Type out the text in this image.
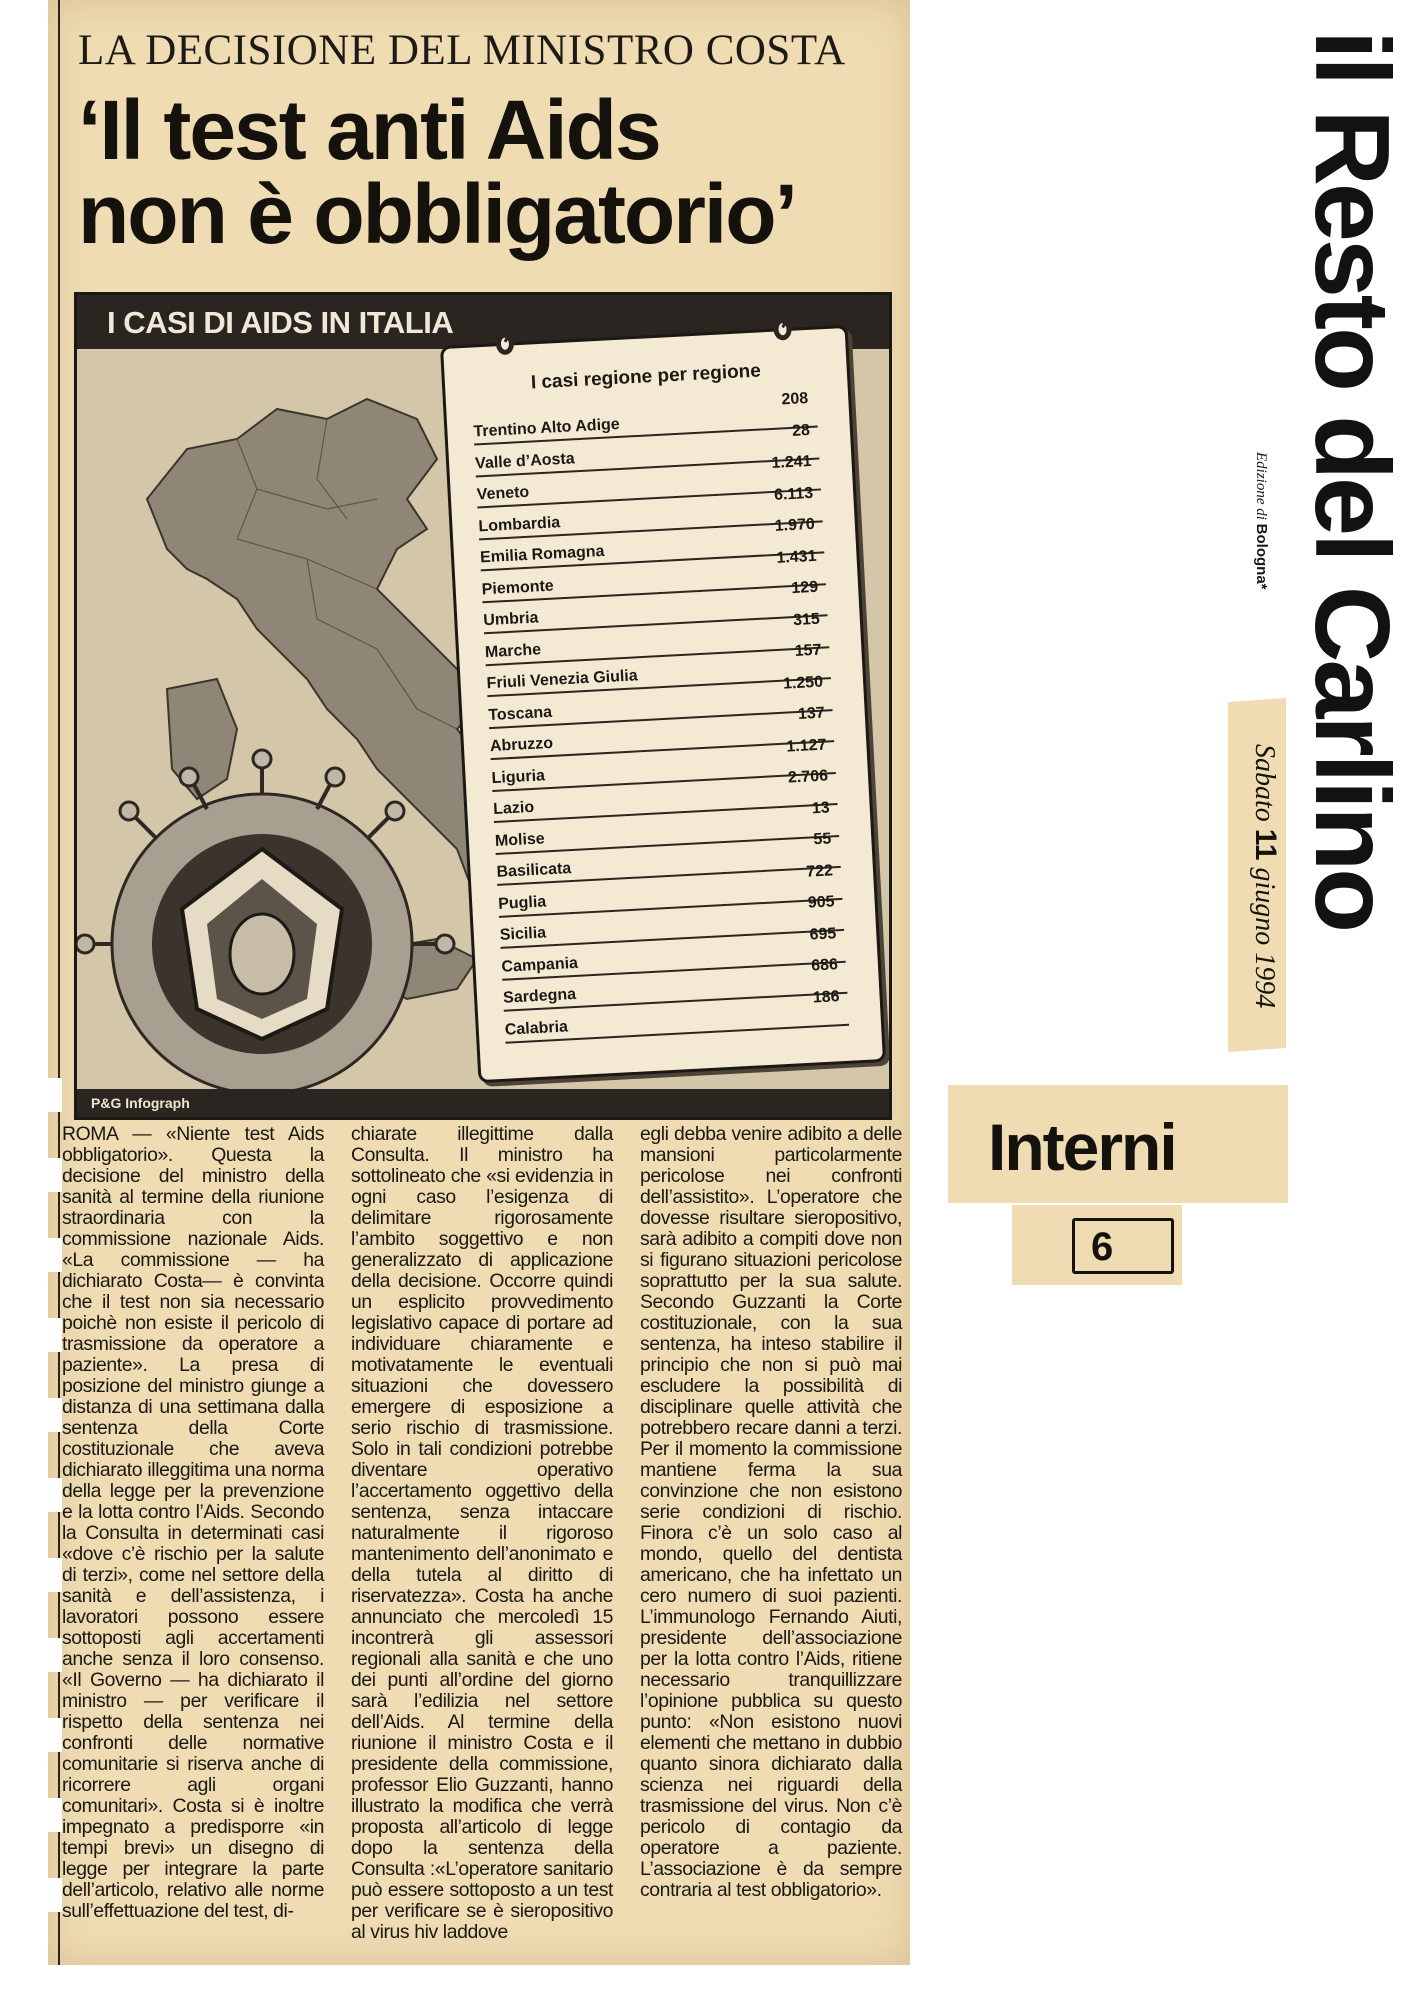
LA DECISIONE DEL MINISTRO COSTA
‘Il test anti Aids
non è obbligatorio’
I CASI DI AIDS IN ITALIA
I casi regione per regione
Trentino Alto Adige
208
Valle d’Aosta
28
Veneto
1.241
Lombardia
6.113
Emilia Romagna
1.970
Piemonte
1.431
Umbria
129
Marche
315
Friuli Venezia Giulia
157
Toscana
1.250
Abruzzo
137
Liguria
1.127
Lazio
2.706
Molise
13
Basilicata
55
Puglia
722
Sicilia
905
Campania
695
Sardegna
686
Calabria
186
P&G Infograph

ROMA — «Niente test Aids obbligatorio». Questa la decisione del ministro della sanità al termine della riunione straordinaria con la commissione nazionale Aids. «La commissione — ha dichiarato Costa— è convinta che il test non sia necessario poichè non esiste il pericolo di trasmissione da operatore a paziente». La presa di posizione del ministro giunge a distanza di una settimana dalla sentenza della Corte costituzionale che aveva dichiarato illeggitima una norma della legge per la prevenzione e la lotta contro l’Aids. Secondo la Consulta in determinati casi «dove c’è rischio per la salute di terzi», come nel settore della sanità e dell’assistenza, i lavoratori possono essere sottoposti agli accertamenti anche senza il loro consenso. «Il Governo — ha dichiarato il ministro — per verificare il rispetto della sentenza nei confronti delle normative comunitarie si riserva anche di ricorrere agli organi comunitari». Costa si è inoltre impegnato a predisporre «in tempi brevi» un disegno di legge per integrare la parte dell’articolo, relativo alle norme sull’effettuazione del test, di-

chiarate illegittime dalla Consulta. Il ministro ha sottolineato che «si evidenzia in ogni caso l’esigenza di delimitare rigorosamente l’ambito soggettivo e non generalizzato di applicazione della decisione. Occorre quindi un esplicito provvedimento legislativo capace di portare ad individuare chiaramente e motivatamente le eventuali situazioni che dovessero emergere di esposizione a serio rischio di trasmissione. Solo in tali condizioni potrebbe diventare operativo l’accertamento oggettivo della sentenza, senza intaccare naturalmente il rigoroso mantenimento dell’anonimato e della tutela al diritto di riservatezza». Costa ha anche annunciato che mercoledì 15 incontrerà gli assessori regionali alla sanità e che uno dei punti all’ordine del giorno sarà l’edilizia nel settore dell’Aids. Al termine della riunione il ministro Costa e il presidente della commissione, professor Elio Guzzanti, hanno illustrato la modifica che verrà proposta all’articolo di legge dopo la sentenza della Consulta :«L’operatore sanitario può essere sottoposto a un test per verificare se è sieropositivo al virus hiv laddove

egli debba venire adibito a delle mansioni particolarmente pericolose nei confronti dell’assistito». L’operatore che dovesse risultare sieropositivo, sarà adibito a compiti dove non si figurano situazioni pericolose soprattutto per la sua salute. Secondo Guzzanti la Corte costituzionale, con la sua sentenza, ha inteso stabilire il principio che non si può mai escludere la possibilità di disciplinare quelle attività che potrebbero recare danni a terzi. Per il momento la commissione mantiene ferma la sua convinzione che non esistono serie condizioni di rischio. Finora c’è un solo caso al mondo, quello del dentista americano, che ha infettato un cero numero di suoi pazienti. L’immunologo Fernando Aiuti, presidente dell’associazione per la lotta contro l’Aids, ritiene necessario tranquillizzare l’opinione pubblica su questo punto: «Non esistono nuovi elementi che mettano in dubbio quanto sinora dichiarato dalla scienza nei riguardi della trasmissione del virus. Non c’è pericolo di contagio da operatore a paziente. L’associazione è da sempre contraria al test obbligatorio».

il Resto del Carlino
Edizione di Bologna*
Sabato 11 giugno 1994
Interni
6
